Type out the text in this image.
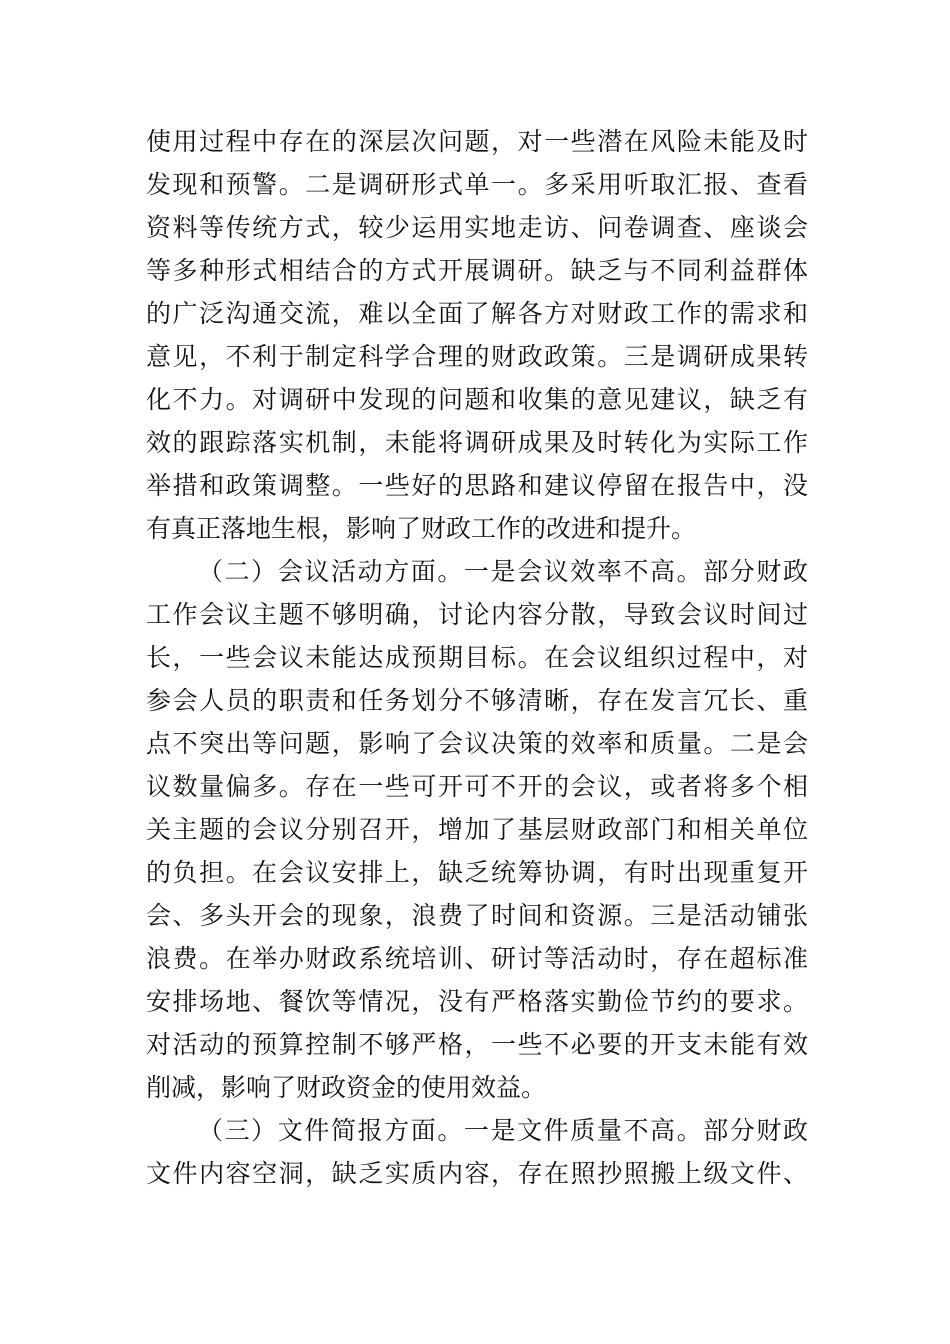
使用过程中存在的深层次问题，对一些潜在风险未能及时
发现和预警。二是调研形式单一。多采用听取汇报、查看
资料等传统方式，较少运用实地走访、问卷调查、座谈会
等多种形式相结合的方式开展调研。缺乏与不同利益群体
的广泛沟通交流，难以全面了解各方对财政工作的需求和
意见，不利于制定科学合理的财政政策。三是调研成果转
化不力。对调研中发现的问题和收集的意见建议，缺乏有
效的跟踪落实机制，未能将调研成果及时转化为实际工作
举措和政策调整。一些好的思路和建议停留在报告中，没
有真正落地生根，影响了财政工作的改进和提升。
（二）会议活动方面。一是会议效率不高。部分财政
工作会议主题不够明确，讨论内容分散，导致会议时间过
长，一些会议未能达成预期目标。在会议组织过程中，对
参会人员的职责和任务划分不够清晰，存在发言冗长、重
点不突出等问题，影响了会议决策的效率和质量。二是会
议数量偏多。存在一些可开可不开的会议，或者将多个相
关主题的会议分别召开，增加了基层财政部门和相关单位
的负担。在会议安排上，缺乏统筹协调，有时出现重复开
会、多头开会的现象，浪费了时间和资源。三是活动铺张
浪费。在举办财政系统培训、研讨等活动时，存在超标准
安排场地、餐饮等情况，没有严格落实勤俭节约的要求。
对活动的预算控制不够严格，一些不必要的开支未能有效
削减，影响了财政资金的使用效益。
（三）文件简报方面。一是文件质量不高。部分财政
文件内容空洞，缺乏实质内容，存在照抄照搬上级文件、
